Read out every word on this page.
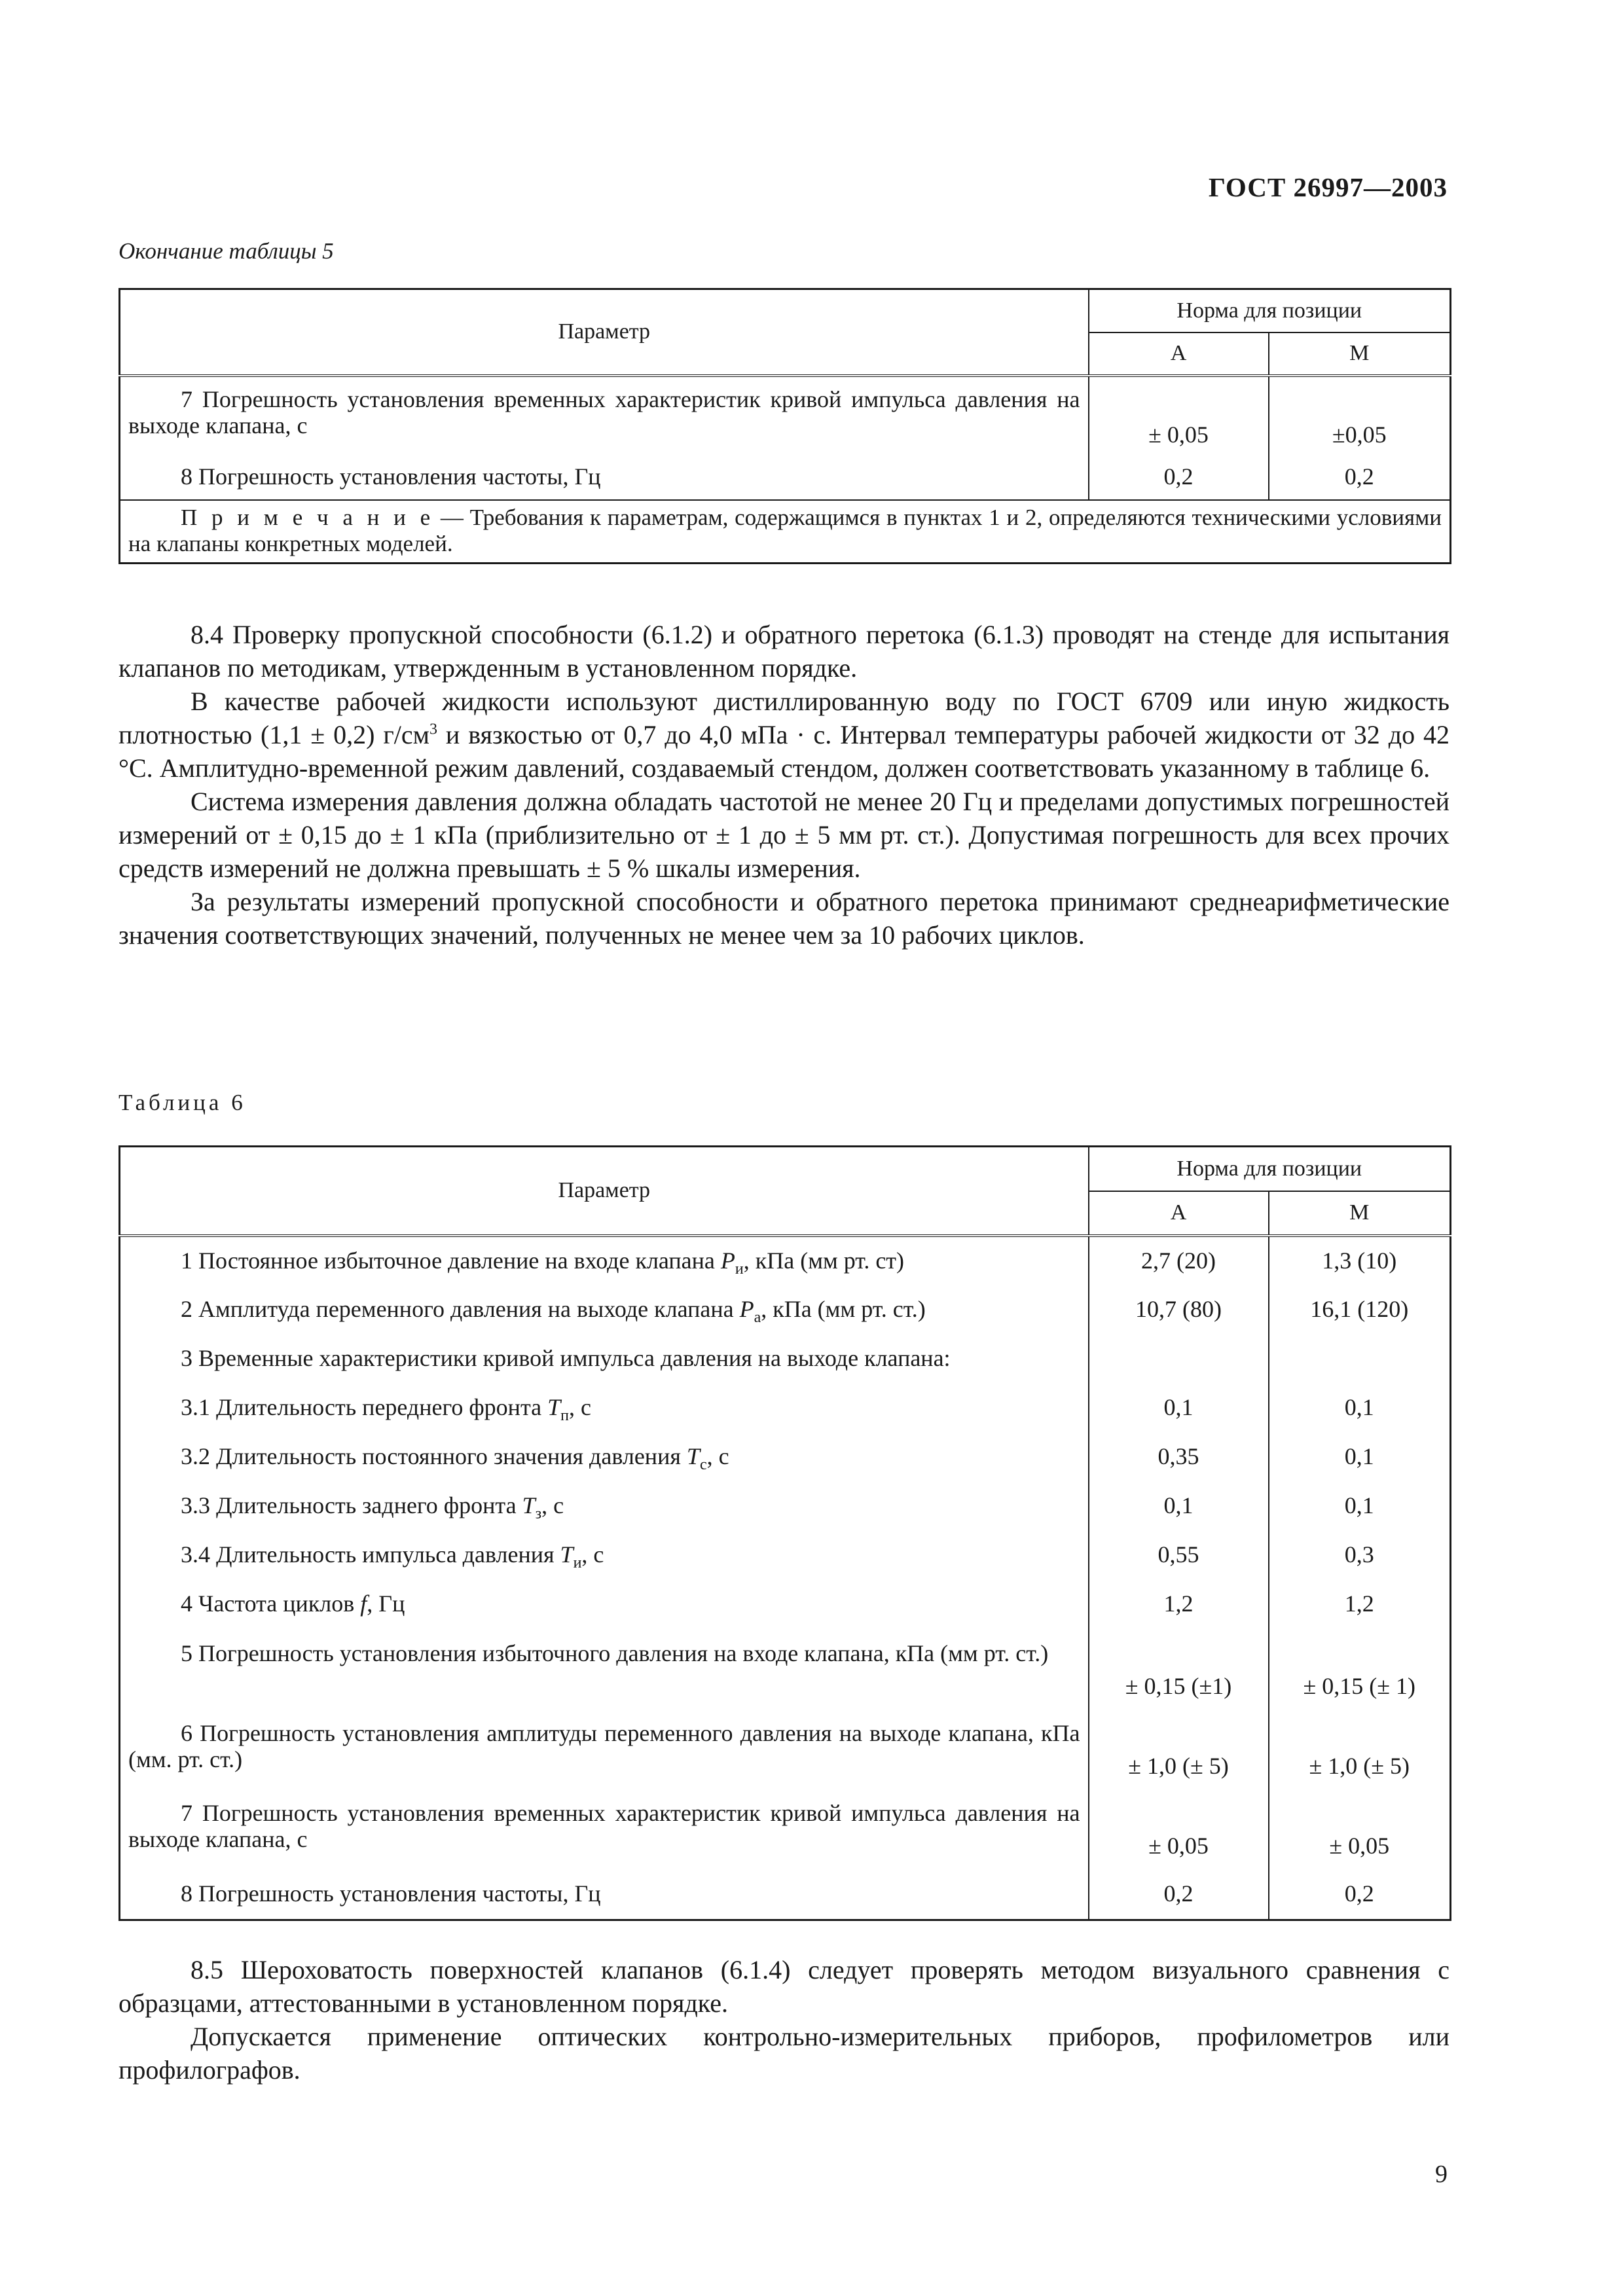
ГОСТ 26997—2003
Окончание таблицы 5
Параметр	Норма для позиции	
	А	М
7 Погрешность установления временных характеристик кривой импульса давления на выходе клапана, с	± 0,05	±0,05
8 Погрешность установления частоты, Гц	0,2	0,2
П р и м е ч а н и е — Требования к параметрам, содержащимся в пунктах 1 и 2, определяются техническими условиями на клапаны конкретных моделей.		

8.4 Проверку пропускной способности (6.1.2) и обратного перетока (6.1.3) проводят на стенде для испытания клапанов по методикам, утвержденным в установленном порядке.

В качестве рабочей жидкости используют дистиллированную воду по ГОСТ 6709 или иную жидкость плотностью (1,1 ± 0,2) $г/см^3$ и вязкостью от 0,7 до 4,0 мПа · с. Интервал температуры рабочей жидкости от 32 до 42 °С. Амплитудно-временной режим давлений, создаваемый стендом, должен соответствовать указанному в таблице 6.

Система измерения давления должна обладать частотой не менее 20 Гц и пределами допустимых погрешностей измерений от ± 0,15 до ± 1 кПа (приблизительно от ± 1 до ± 5 мм рт. ст.). Допустимая погрешность для всех прочих средств измерений не должна превышать ± 5 % шкалы измерения.

За результаты измерений пропускной способности и обратного перетока принимают среднеарифметические значения соответствующих значений, полученных не менее чем за 10 рабочих циклов.

Таблица 6
Параметр	Норма для позиции	
	А	М
1 Постоянное избыточное давление на входе клапана $P_и$, кПа (мм рт. ст)	2,7 (20)	1,3 (10)
2 Амплитуда переменного давления на выходе клапана $P_а$, кПа (мм рт. ст.)	10,7 (80)	16,1 (120)
3 Временные характеристики кривой импульса давления на выходе клапана:		
3.1 Длительность переднего фронта $T_п$, с	0,1	0,1
3.2 Длительность постоянного значения давления $T_с$, с	0,35	0,1
3.3 Длительность заднего фронта $T_з$, с	0,1	0,1
3.4 Длительность импульса давления $T_и$, с	0,55	0,3
4 Частота циклов f, Гц	1,2	1,2
5 Погрешность установления избыточного давления на входе клапана, кПа (мм рт. ст.)	± 0,15 (±1)	± 0,15 (± 1)
6 Погрешность установления амплитуды переменного давления на выходе клапана, кПа (мм. рт. ст.)	± 1,0 (± 5)	± 1,0 (± 5)
7 Погрешность установления временных характеристик кривой импульса давления на выходе клапана, с	± 0,05	± 0,05
8 Погрешность установления частоты, Гц	0,2	0,2

8.5 Шероховатость поверхностей клапанов (6.1.4) следует проверять методом визуального сравнения с образцами, аттестованными в установленном порядке.

Допускается применение оптических контрольно-измерительных приборов, профилометров или профилографов.

9
